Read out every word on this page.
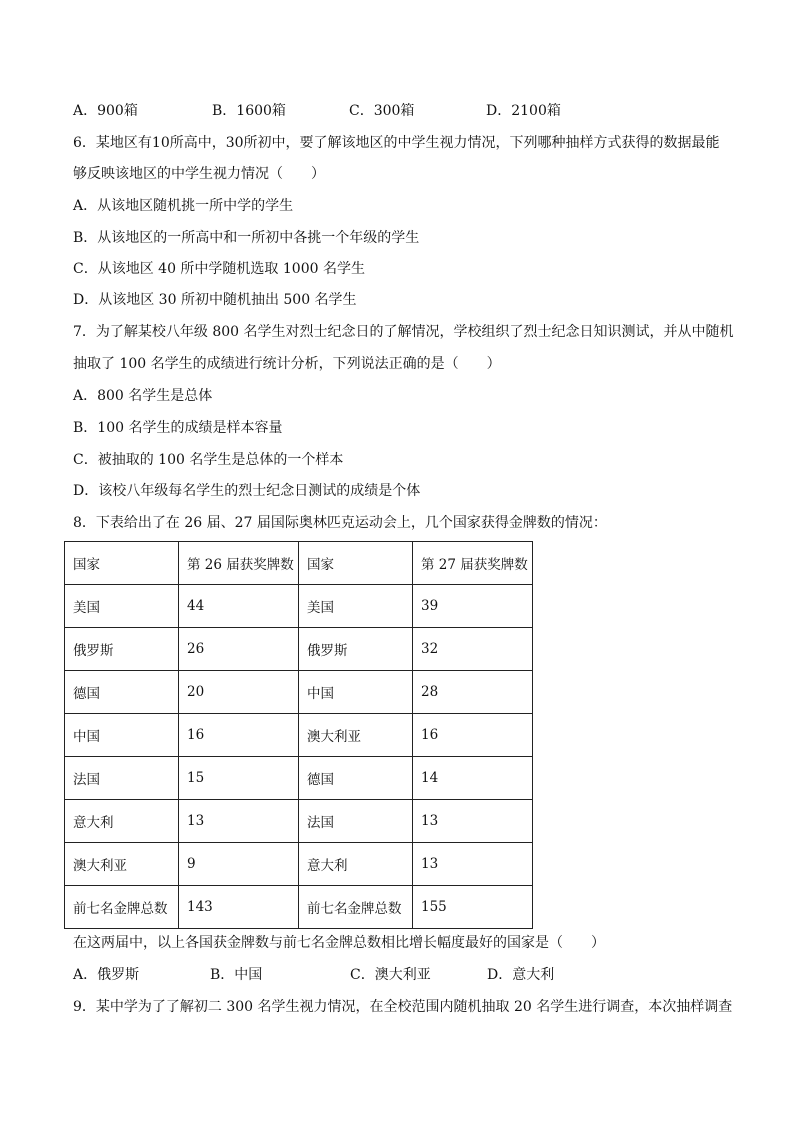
A．900箱	B．1600箱	C．300箱	D．2100箱
6．某地区有10所高中，30所初中，要了解该地区的中学生视力情况，下列哪种抽样方式获得的数据最能
够反映该地区的中学生视力情况（　　）
A．从该地区随机挑一所中学的学生
B．从该地区的一所高中和一所初中各挑一个年级的学生
C．从该地区 40 所中学随机选取 1000 名学生
D．从该地区 30 所初中随机抽出 500 名学生
7．为了解某校八年级 800 名学生对烈士纪念日的了解情况，学校组织了烈士纪念日知识测试，并从中随机
抽取了 100 名学生的成绩进行统计分析，下列说法正确的是（　　）
A．800 名学生是总体
B．100 名学生的成绩是样本容量
C．被抽取的 100 名学生是总体的一个样本
D．该校八年级每名学生的烈士纪念日测试的成绩是个体
8．下表给出了在 26 届、27 届国际奥林匹克运动会上，几个国家获得金牌数的情况：
国家	第 26 届获奖牌数	国家	第 27 届获奖牌数
美国	44	美国	39
俄罗斯	26	俄罗斯	32
德国	20	中国	28
中国	16	澳大利亚	16
法国	15	德国	14
意大利	13	法国	13
澳大利亚	9	意大利	13
前七名金牌总数	143	前七名金牌总数	155
在这两届中，以上各国获金牌数与前七名金牌总数相比增长幅度最好的国家是（　　）
A．俄罗斯	B．中国	C．澳大利亚	D．意大利
9．某中学为了了解初二 300 名学生视力情况，在全校范围内随机抽取 20 名学生进行调查，本次抽样调查
